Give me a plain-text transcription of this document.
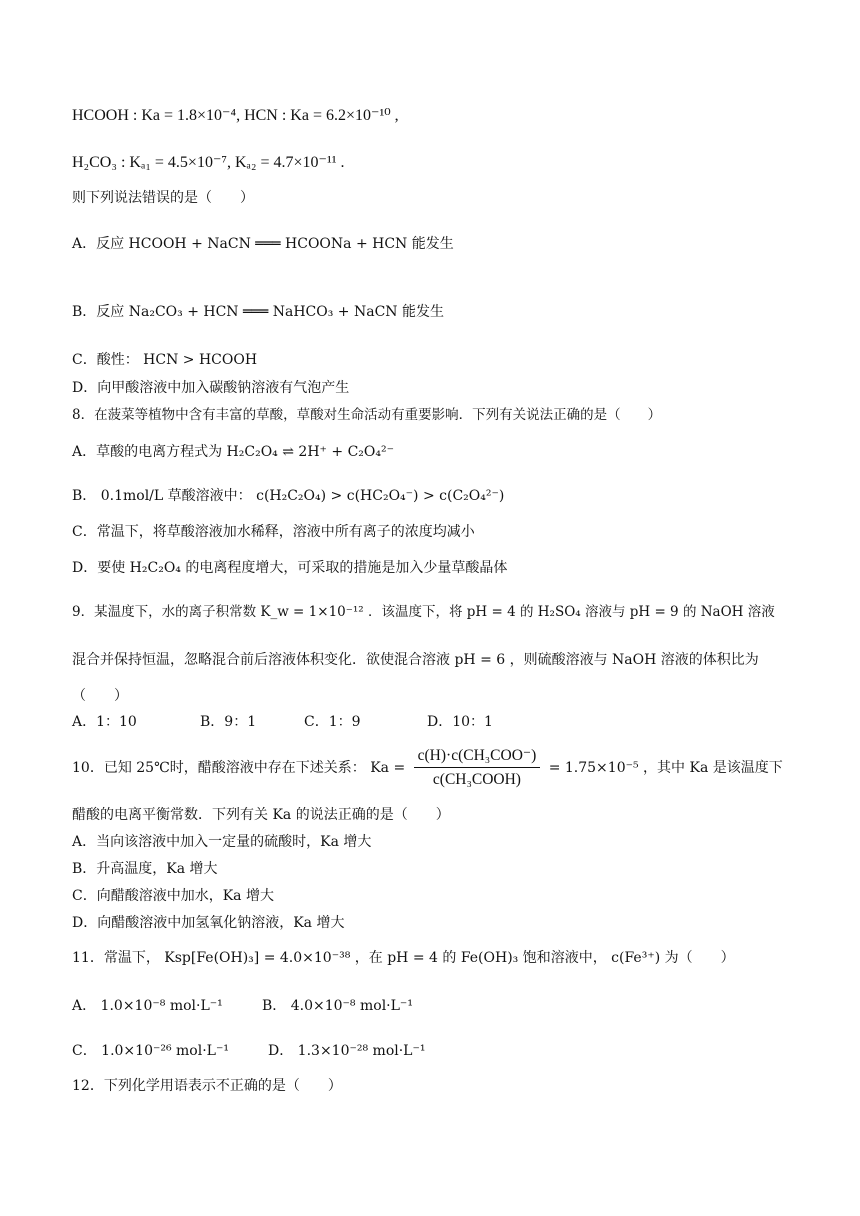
HCOOH : Ka = 1.8×10⁻⁴, HCN : Ka = 6.2×10⁻¹⁰ ,
H₂CO₃ : Kₐ₁ = 4.5×10⁻⁷, Kₐ₂ = 4.7×10⁻¹¹ .
则下列说法错误的是（　　）
A．反应 HCOOH + NaCN ═══ HCOONa + HCN 能发生
B．反应 Na₂CO₃ + HCN ═══ NaHCO₃ + NaCN 能发生
C．酸性： HCN > HCOOH
D．向甲酸溶液中加入碳酸钠溶液有气泡产生
8．在菠菜等植物中含有丰富的草酸，草酸对生命活动有重要影响．下列有关说法正确的是（　　）
A．草酸的电离方程式为 H₂C₂O₄ ⇌ 2H⁺ + C₂O₄²⁻
B． 0.1mol/L 草酸溶液中： c(H₂C₂O₄) > c(HC₂O₄⁻) > c(C₂O₄²⁻)
C．常温下，将草酸溶液加水稀释，溶液中所有离子的浓度均减小
D．要使 H₂C₂O₄ 的电离程度增大，可采取的措施是加入少量草酸晶体
9．某温度下，水的离子积常数 K_w = 1×10⁻¹² ．该温度下，将 pH = 4 的 H₂SO₄ 溶液与 pH = 9 的 NaOH 溶液
混合并保持恒温，忽略混合前后溶液体积变化．欲使混合溶液 pH = 6 ，则硫酸溶液与 NaOH 溶液的体积比为
（　　）
A．1：10	B．9：1	C．1：9	D．10：1
10．已知 25℃时，醋酸溶液中存在下述关系： $Ka = \frac{\text{c(H)·c(CH₃COO⁻)}}{\text{c(CH₃COOH)}} = 1.75\times 10^{-5}$ ，其中 Ka 是该温度下
醋酸的电离平衡常数．下列有关 Ka 的说法正确的是（　　）
A．当向该溶液中加入一定量的硫酸时，Ka 增大
B．升高温度，Ka 增大
C．向醋酸溶液中加水，Ka 增大
D．向醋酸溶液中加氢氧化钠溶液，Ka 增大
11．常温下， Ksp[Fe(OH)₃] = 4.0×10⁻³⁸ ，在 pH = 4 的 Fe(OH)₃ 饱和溶液中， c(Fe³⁺) 为（　　）
A． 1.0×10⁻⁸ mol·L⁻¹	B． 4.0×10⁻⁸ mol·L⁻¹
C． 1.0×10⁻²⁶ mol·L⁻¹	D． 1.3×10⁻²⁸ mol·L⁻¹
12．下列化学用语表示不正确的是（　　）
